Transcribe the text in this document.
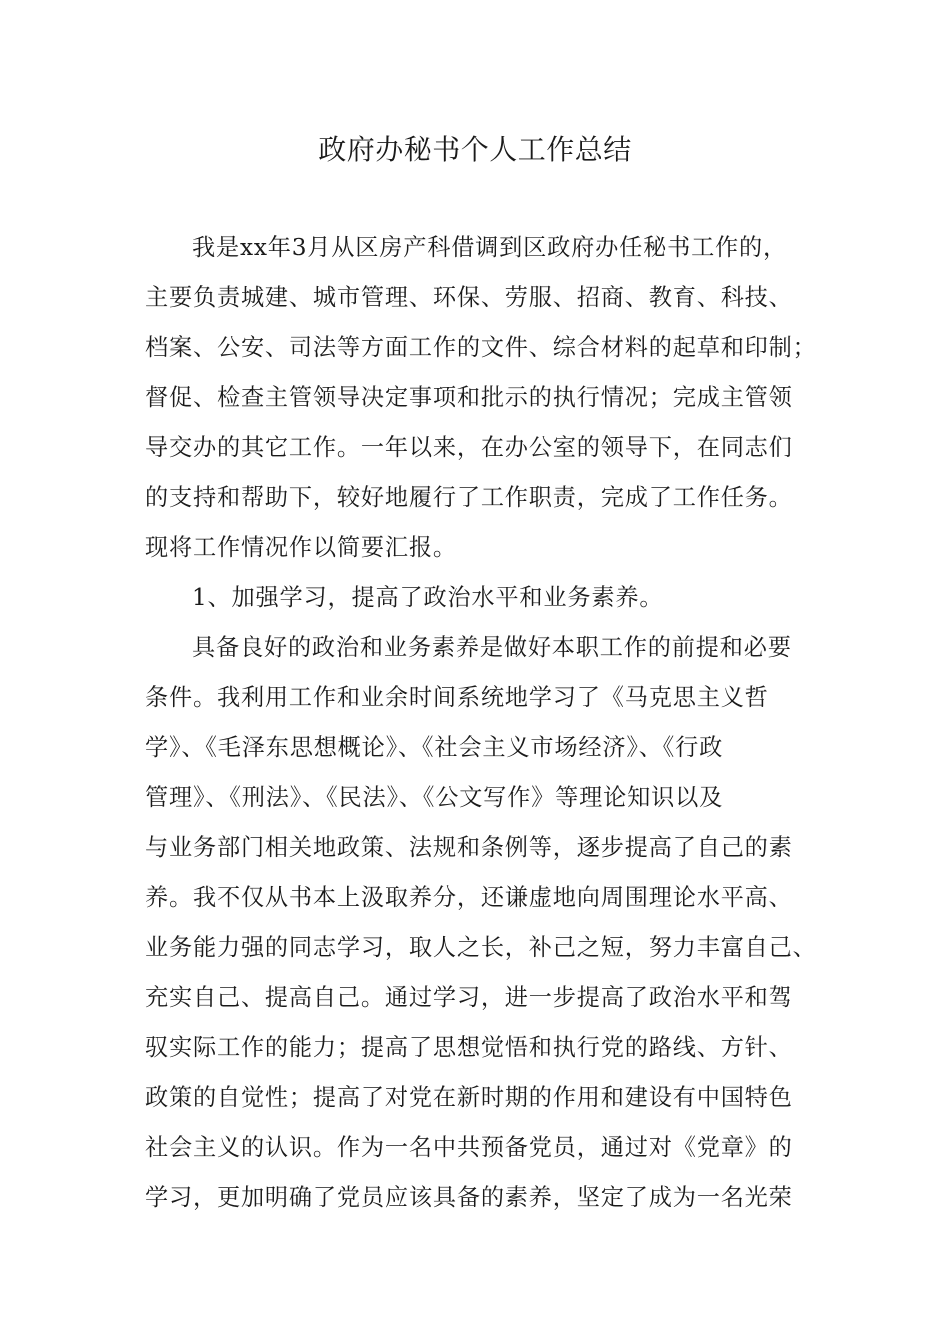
政府办秘书个人工作总结
我是xx年3月从区房产科借调到区政府办任秘书工作的，
主要负责城建、城市管理、环保、劳服、招商、教育、科技、
档案、公安、司法等方面工作的文件、综合材料的起草和印制；
督促、检查主管领导决定事项和批示的执行情况；完成主管领
导交办的其它工作。一年以来，在办公室的领导下，在同志们
的支持和帮助下，较好地履行了工作职责，完成了工作任务。
现将工作情况作以简要汇报。
1、加强学习，提高了政治水平和业务素养。
具备良好的政治和业务素养是做好本职工作的前提和必要
条件。我利用工作和业余时间系统地学习了《马克思主义哲
学》、《毛泽东思想概论》、《社会主义市场经济》、《行政
管理》、《刑法》、《民法》、《公文写作》等理论知识以及
与业务部门相关地政策、法规和条例等，逐步提高了自己的素
养。我不仅从书本上汲取养分，还谦虚地向周围理论水平高、
业务能力强的同志学习，取人之长，补己之短，努力丰富自己、
充实自己、提高自己。通过学习，进一步提高了政治水平和驾
驭实际工作的能力；提高了思想觉悟和执行党的路线、方针、
政策的自觉性；提高了对党在新时期的作用和建设有中国特色
社会主义的认识。作为一名中共预备党员，通过对《党章》的
学习，更加明确了党员应该具备的素养，坚定了成为一名光荣
